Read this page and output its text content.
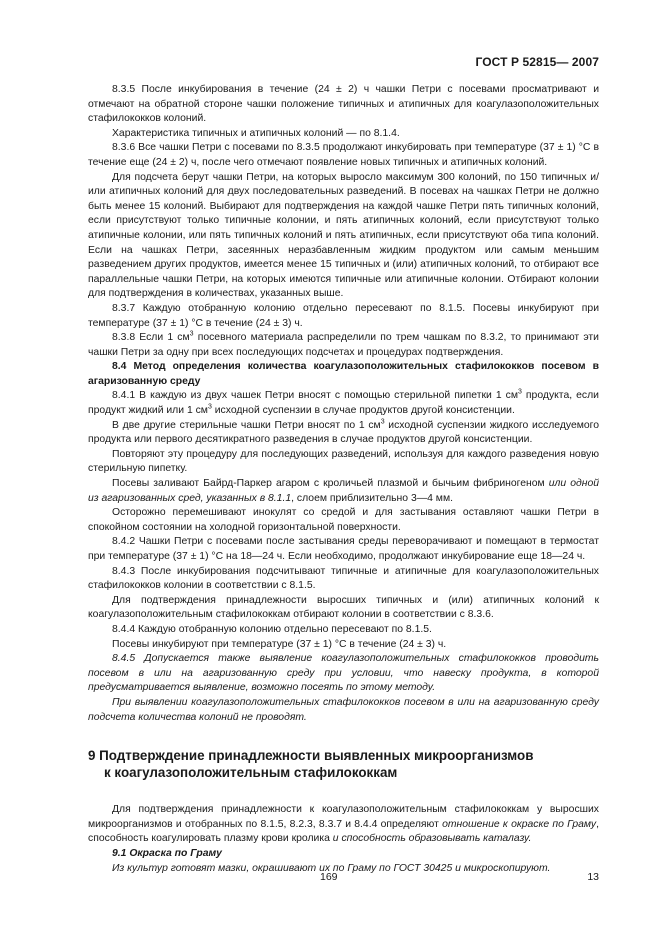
ГОСТ Р 52815— 2007

8.3.5 После инкубирования в течение (24 ± 2) ч чашки Петри с посевами просматривают и отмечают на обратной стороне чашки положение типичных и атипичных для коагулазоположительных стафилококков колоний.

Характеристика типичных и атипичных колоний — по 8.1.4.

8.3.6 Все чашки Петри с посевами по 8.3.5 продолжают инкубировать при температуре (37 ± 1) °С в течение еще (24 ± 2) ч, после чего отмечают появление новых типичных и атипичных колоний.

Для подсчета берут чашки Петри, на которых выросло максимум 300 колоний, по 150 типичных и/или атипичных колоний для двух последовательных разведений. В посевах на чашках Петри не должно быть менее 15 колоний. Выбирают для подтверждения на каждой чашке Петри пять типичных колоний, если присутствуют только типичные колонии, и пять атипичных колоний, если присутствуют только атипичные колонии, или пять типичных колоний и пять атипичных, если присутствуют оба типа колоний. Если на чашках Петри, засеянных неразбавленным жидким продуктом или самым меньшим разведением других продуктов, имеется менее 15 типичных и (или) атипичных колоний, то отбирают все параллельные чашки Петри, на которых имеются типичные или атипичные колонии. Отбирают колонии для подтверждения в количествах, указанных выше.

8.3.7 Каждую отобранную колонию отдельно пересевают по 8.1.5. Посевы инкубируют при температуре (37 ± 1) °С в течение (24 ± 3) ч.

8.3.8 Если 1 $см^3$ посевного материала распределили по трем чашкам по 8.3.2, то принимают эти чашки Петри за одну при всех последующих подсчетах и процедурах подтверждения.

8.4 Метод определения количества коагулазоположительных стафилококков посевом в агаризованную среду

8.4.1 В каждую из двух чашек Петри вносят с помощью стерильной пипетки 1 $см^3$ продукта, если продукт жидкий или 1 $см^3$ исходной суспензии в случае продуктов другой консистенции.

В две другие стерильные чашки Петри вносят по 1 $см^3$ исходной суспензии жидкого исследуемого продукта или первого десятикратного разведения в случае продуктов другой консистенции.

Повторяют эту процедуру для последующих разведений, используя для каждого разведения новую стерильную пипетку.

Посевы заливают Байрд-Паркер агаром с кроличьей плазмой и бычьим фибриногеном или одной из агаризованных сред, указанных в 8.1.1, слоем приблизительно 3—4 мм.

Осторожно перемешивают инокулят со средой и для застывания оставляют чашки Петри в спокойном состоянии на холодной горизонтальной поверхности.

8.4.2 Чашки Петри с посевами после застывания среды переворачивают и помещают в термостат при температуре (37 ± 1) °С на 18—24 ч. Если необходимо, продолжают инкубирование еще 18—24 ч.

8.4.3 После инкубирования подсчитывают типичные и атипичные для коагулазоположительных стафилококков колонии в соответствии с 8.1.5.

Для подтверждения принадлежности выросших типичных и (или) атипичных колоний к коагулазоположительным стафилококкам отбирают колонии в соответствии с 8.3.6.

8.4.4 Каждую отобранную колонию отдельно пересевают по 8.1.5.

Посевы инкубируют при температуре (37 ± 1) °С в течение (24 ± 3) ч.

8.4.5 Допускается также выявление коагулазоположительных стафилококков проводить посевом в или на агаризованную среду при условии, что навеску продукта, в которой предусматривается выявление, возможно посеять по этому методу.

При выявлении коагулазоположительных стафилококков посевом в или на агаризованную среду подсчета количества колоний не проводят.

9 Подтверждение принадлежности выявленных микроорганизмов
к коагулазоположительным стафилококкам

Для подтверждения принадлежности к коагулазоположительным стафилококкам у выросших микроорганизмов и отобранных по 8.1.5, 8.2.3, 8.3.7 и 8.4.4 определяют отношение к окраске по Граму, способность коагулировать плазму крови кролика и способность образовывать каталазу.

9.1 Окраска по Граму

Из культур готовят мазки, окрашивают их по Граму по ГОСТ 30425 и микроскопируют.

169	13
